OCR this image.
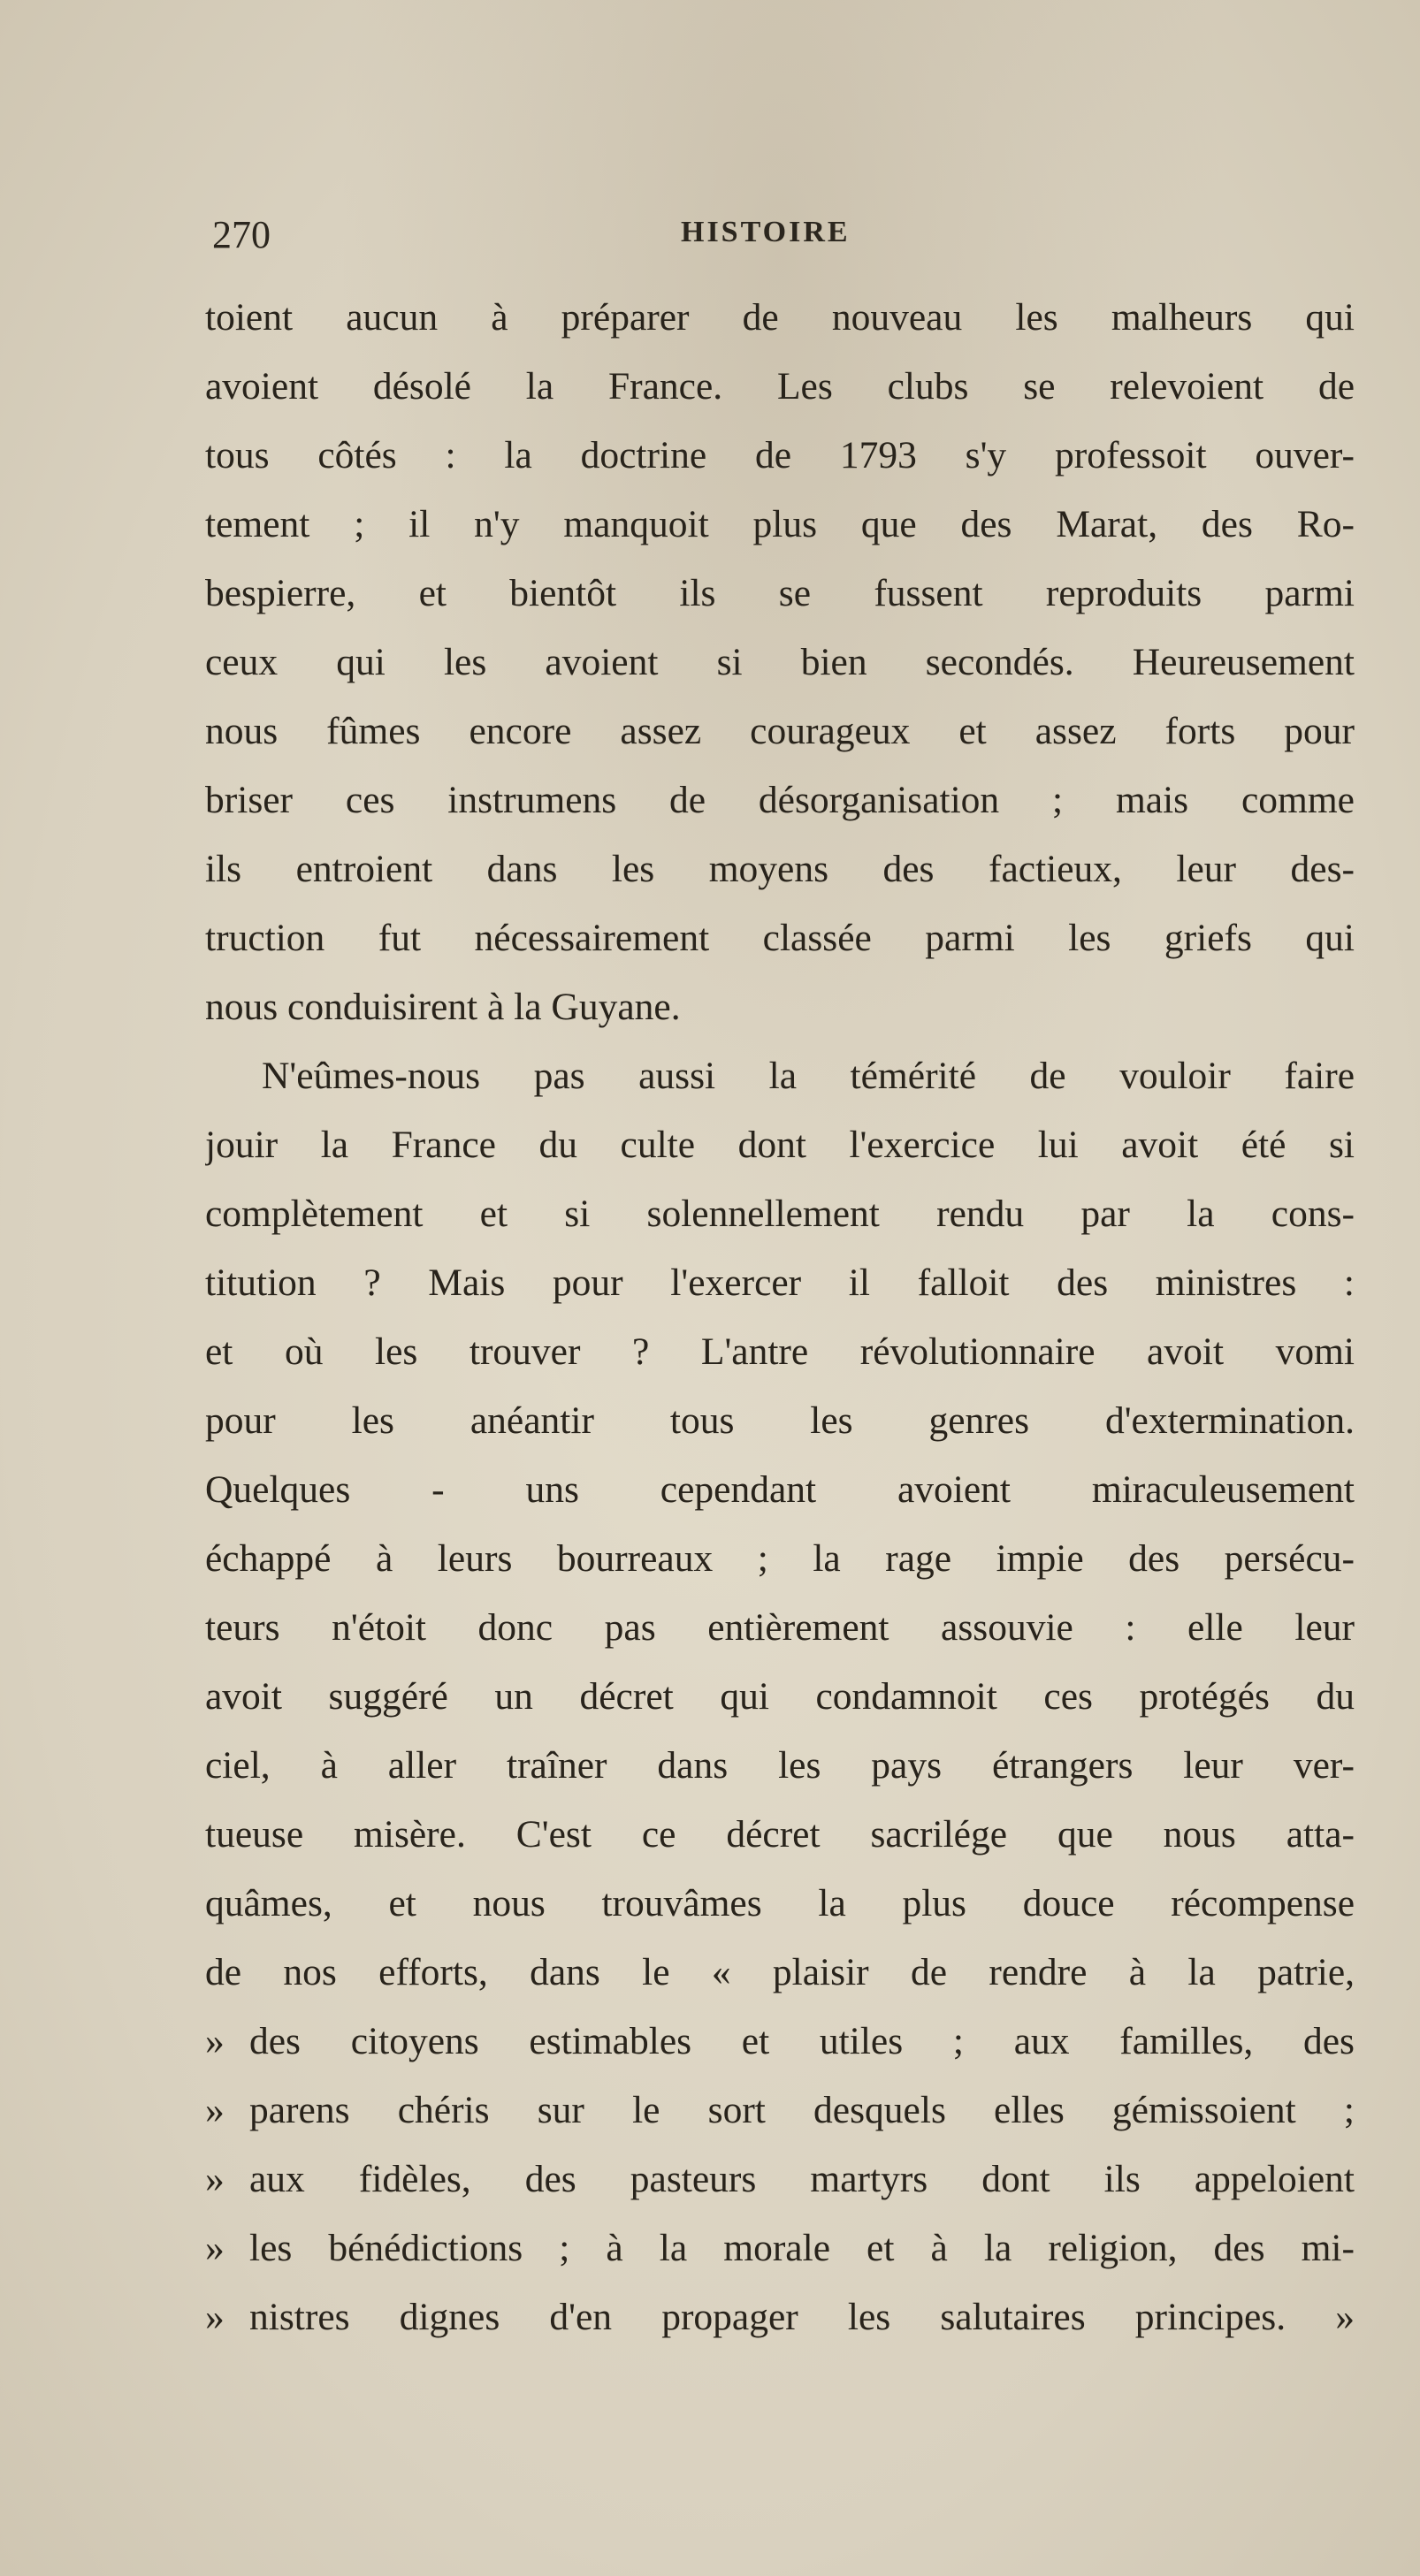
270	HISTOIRE
toient aucun à préparer de nouveau les malheurs qui
avoient désolé la France. Les clubs se relevoient de
tous côtés : la doctrine de 1793 s'y professoit ouver-
tement ; il n'y manquoit plus que des Marat, des Ro-
bespierre, et bientôt ils se fussent reproduits parmi
ceux qui les avoient si bien secondés. Heureusement
nous fûmes encore assez courageux et assez forts pour
briser ces instrumens de désorganisation ; mais comme
ils entroient dans les moyens des factieux, leur des-
truction fut nécessairement classée parmi les griefs qui
nous conduisirent à la Guyane.
N'eûmes-nous pas aussi la témérité de vouloir faire
jouir la France du culte dont l'exercice lui avoit été si
complètement et si solennellement rendu par la cons-
titution ? Mais pour l'exercer il falloit des ministres :
et où les trouver ? L'antre révolutionnaire avoit vomi
pour les anéantir tous les genres d'extermination.
Quelques - uns cependant avoient miraculeusement
échappé à leurs bourreaux ; la rage impie des persécu-
teurs n'étoit donc pas entièrement assouvie : elle leur
avoit suggéré un décret qui condamnoit ces protégés du
ciel, à aller traîner dans les pays étrangers leur ver-
tueuse misère. C'est ce décret sacrilége que nous atta-
quâmes, et nous trouvâmes la plus douce récompense
de nos efforts, dans le « plaisir de rendre à la patrie,
» des citoyens estimables et utiles ; aux familles, des
» parens chéris sur le sort desquels elles gémissoient ;
» aux fidèles, des pasteurs martyrs dont ils appeloient
» les bénédictions ; à la morale et à la religion, des mi-
» nistres dignes d'en propager les salutaires principes. »
